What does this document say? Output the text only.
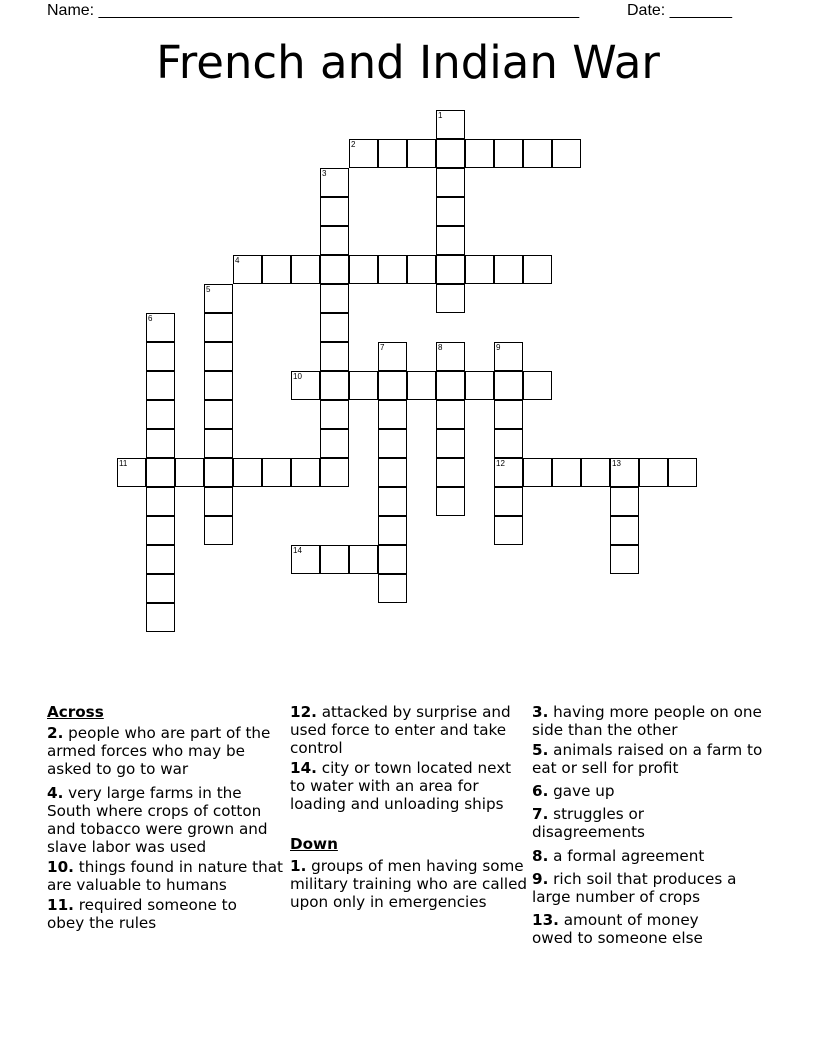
Name: ______________________________________________________	Date: _______
French and Indian War
1
2
3
4
5
6
7	8	9
12
10
11	13
14
Across
2. people who are part of the armed forces who may be asked to go to war
4. very large farms in the South where crops of cotton and tobacco were grown and slave labor was used
10. things found in nature that are valuable to humans
11. required someone to obey the rules
12. attacked by surprise and used force to enter and take control
14. city or town located next to water with an area for loading and unloading ships
Down
1. groups of men having some military training who are called upon only in emergencies
3. having more people on one side than the other
5. animals raised on a farm to eat or sell for profit
6. gave up
7. struggles or disagreements
8. a formal agreement
9. rich soil that produces a large number of crops
13. amount of money owed to someone else
